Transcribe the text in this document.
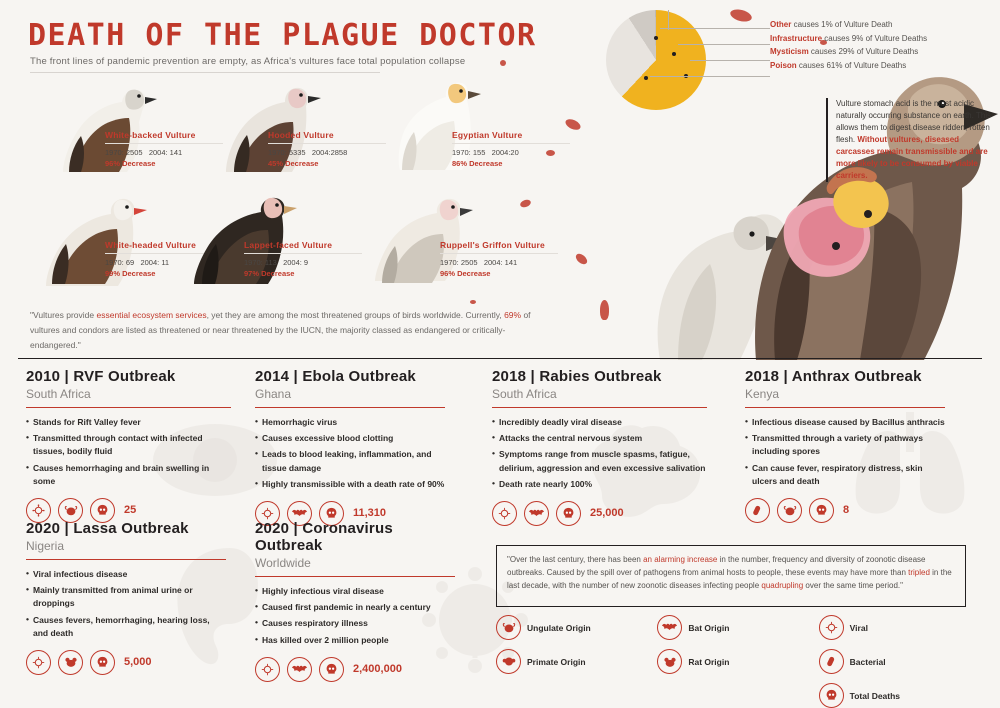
DEATH OF THE PLAGUE DOCTOR
The front lines of pandemic prevention are empty, as Africa's vultures face total population collapse
White-backed Vulture
1970: 2505 2004: 141
96% Decrease
Hooded Vulture
1970: 5335 2004:2858
45% Decrease
Egyptian Vulture
1970: 155 2004:20
86% Decrease
White-headed Vulture
1970: 69 2004: 11
99% Decrease
Lappet-faced Vulture
1970: 113 2004: 9
97% Decrease
Ruppell's Griffon Vulture
1970: 2505 2004: 141
96% Decrease
Other causes 1% of Vulture Death
Infrastructure causes 9% of Vulture Deaths
Mysticism causes 29% of Vulture Deaths
Poison causes 61% of Vulture Deaths
Vulture stomach acid is the most acidic naturally occurring substance on earth. This allows them to digest disease ridden, rotten flesh. Without vultures, diseased carcasses remain transmissible and are more likely to be consumed by viable carriers.
"Vultures provide essential ecosystem services, yet they are among the most threatened groups of birds worldwide. Currently, 69% of vultures and condors are listed as threatened or near threatened by the IUCN, the majority classed as endangered or critically-endangered."
2010 | RVF Outbreak
South Africa
• Stands for Rift Valley fever
• Transmitted through contact with infected tissues, bodily fluid
• Causes hemorrhaging and brain swelling in some
25
2014 | Ebola Outbreak
Ghana
• Hemorrhagic virus
• Causes excessive blood clotting
• Leads to blood leaking, inflammation, and tissue damage
• Highly transmissible with a death rate of 90%
11,310
2018 | Rabies Outbreak
South Africa
• Incredibly deadly viral disease
• Attacks the central nervous system
• Symptoms range from muscle spasms, fatigue, delirium, aggression and even excessive salivation
• Death rate nearly 100%
25,000
2018 | Anthrax Outbreak
Kenya
• Infectious disease caused by Bacillus anthracis
• Transmitted through a variety of pathways including spores
• Can cause fever, respiratory distress, skin ulcers and death
8
2020 | Lassa Outbreak
Nigeria
• Viral infectious disease
• Mainly transmitted from animal urine or droppings
• Causes fevers, hemorrhaging, hearing loss, and death
5,000
2020 | Coronavirus Outbreak
Worldwide
• Highly infectious viral disease
• Caused first pandemic in nearly a century
• Causes respiratory illness
• Has killed over 2 million people
2,400,000
"Over the last century, there has been an alarming increase in the number, frequency and diversity of zoonotic disease outbreaks. Caused by the spill over of pathogens from animal hosts to people, these events may have more than tripled in the last decade, with the number of new zoonotic diseases infecting people quadrupling over the same time period."
Ungulate Origin	Bat Origin	Viral
Primate Origin	Rat Origin	Bacterial
Total Deaths
